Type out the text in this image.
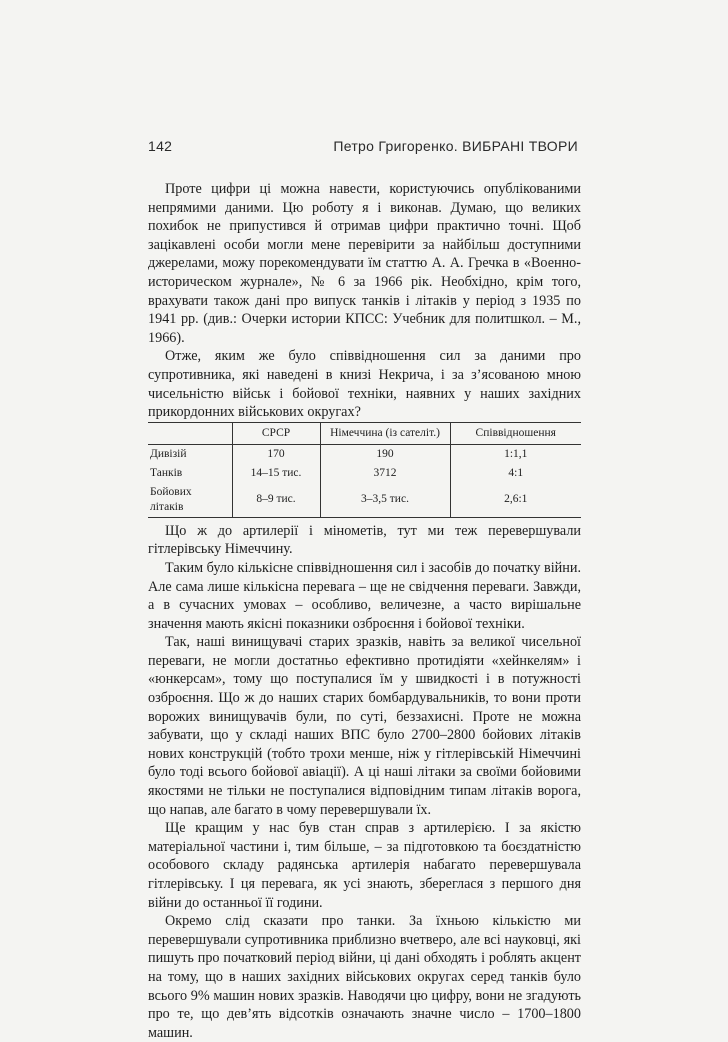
142	Петро Григоренко. ВИБРАНІ ТВОРИ

Проте цифри ці можна навести, користуючись опублікованими непрямими даними. Цю роботу я і виконав. Думаю, що великих похибок не припустився й отримав цифри практично точні. Щоб зацікавлені особи могли мене перевірити за найбільш доступними джерелами, можу порекомендувати їм статтю А. А. Гречка в «Военно-историческом журнале», № 6 за 1966 рік. Необхідно, крім того, врахувати також дані про випуск танків і літаків у період з 1935 по 1941 рр. (див.: Очерки истории КПСС: Учебник для политшкол. – М., 1966).

Отже, яким же було співвідношення сил за даними про супротивника, які наведені в книзі Некрича, і за з’ясованою мною чисельністю військ і бойової техніки, наявних у наших західних прикордонних військових округах?

	СРСР	Німеччина (із сателіт.)	Співвідношення
Дивізій	170	190	1:1,1
Танків	14–15 тис.	3712	4:1
Бойових літаків	8–9 тис.	3–3,5 тис.	2,6:1

Що ж до артилерії і мінометів, тут ми теж перевершували гітлерівську Німеччину.

Таким було кількісне співвідношення сил і засобів до початку війни. Але сама лише кількісна перевага – ще не свідчення переваги. Завжди, а в сучасних умовах – особливо, величезне, а часто вирішальне значення мають якісні показники озброєння і бойової техніки.

Так, наші винищувачі старих зразків, навіть за великої чисельної переваги, не могли достатньо ефективно протидіяти «хейнкелям» і «юнкерсам», тому що поступалися їм у швидкості і в потужності озброєння. Що ж до наших старих бомбардувальників, то вони проти ворожих винищувачів були, по суті, беззахисні. Проте не можна забувати, що у складі наших ВПС було 2700–2800 бойових літаків нових конструкцій (тобто трохи менше, ніж у гітлерівській Німеччині було тоді всього бойової авіації). А ці наші літаки за своїми бойовими якостями не тільки не поступалися відповідним типам літаків ворога, що напав, але багато в чому перевершували їх.

Ще кращим у нас був стан справ з артилерією. І за якістю матеріальної частини і, тим більше, – за підготовкою та боєздатністю особового складу радянська артилерія набагато перевершувала гітлерівську. І ця перевага, як усі знають, збереглася з першого дня війни до останньої її години.

Окремо слід сказати про танки. За їхньою кількістю ми перевершували супротивника приблизно вчетверо, але всі науковці, які пишуть про початковий період війни, ці дані обходять і роблять акцент на тому, що в наших західних військових округах серед танків було всього 9% машин нових зразків. Наводячи цю цифру, вони не згадують про те, що дев’ять відсотків означають значне число – 1700–1800 машин.
